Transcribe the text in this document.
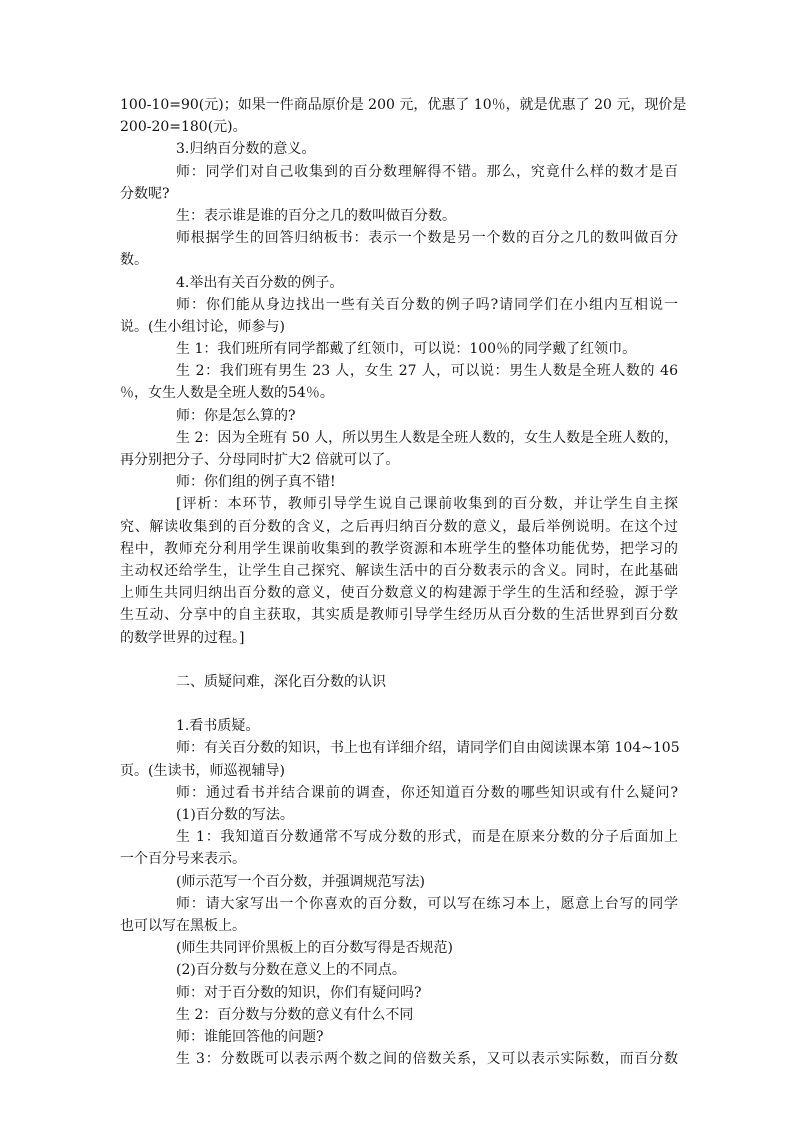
100-10=90(元)；如果一件商品原价是 200 元，优惠了 10％，就是优惠了 20 元，现价是
200-20=180(元)。
3.归纳百分数的意义。
师：同学们对自己收集到的百分数理解得不错。那么，究竟什么样的数才是百
分数呢?
生：表示谁是谁的百分之几的数叫做百分数。
师根据学生的回答归纳板书：表示一个数是另一个数的百分之几的数叫做百分
数。
4.举出有关百分数的例子。
师：你们能从身边找出一些有关百分数的例子吗?请同学们在小组内互相说一
说。(生小组讨论，师参与)
生 1：我们班所有同学都戴了红领巾，可以说：100％的同学戴了红领巾。
生 2：我们班有男生 23 人，女生 27 人，可以说：男生人数是全班人数的 46
％，女生人数是全班人数的54％。
师：你是怎么算的?
生 2：因为全班有 50 人，所以男生人数是全班人数的，女生人数是全班人数的，
再分别把分子、分母同时扩大2 倍就可以了。
师：你们组的例子真不错!
[评析：本环节，教师引导学生说自己课前收集到的百分数，并让学生自主探
究、解读收集到的百分数的含义，之后再归纳百分数的意义，最后举例说明。在这个过
程中，教师充分利用学生课前收集到的教学资源和本班学生的整体功能优势，把学习的
主动权还给学生，让学生自己探究、解读生活中的百分数表示的含义。同时，在此基础
上师生共同归纳出百分数的意义，使百分数意义的构建源于学生的生活和经验，源于学
生互动、分享中的自主获取，其实质是教师引导学生经历从百分数的生活世界到百分数
的数学世界的过程。]
二、质疑问难，深化百分数的认识
1.看书质疑。
师：有关百分数的知识，书上也有详细介绍，请同学们自由阅读课本第 104~105
页。(生读书，师巡视辅导)
师：通过看书并结合课前的调查，你还知道百分数的哪些知识或有什么疑问?
(1)百分数的写法。
生 1：我知道百分数通常不写成分数的形式，而是在原来分数的分子后面加上
一个百分号来表示。
(师示范写一个百分数，并强调规范写法)
师：请大家写出一个你喜欢的百分数，可以写在练习本上，愿意上台写的同学
也可以写在黑板上。
(师生共同评价黑板上的百分数写得是否规范)
(2)百分数与分数在意义上的不同点。
师：对于百分数的知识，你们有疑问吗?
生 2：百分数与分数的意义有什么不同
师：谁能回答他的问题?
生 3：分数既可以表示两个数之间的倍数关系，又可以表示实际数，而百分数
